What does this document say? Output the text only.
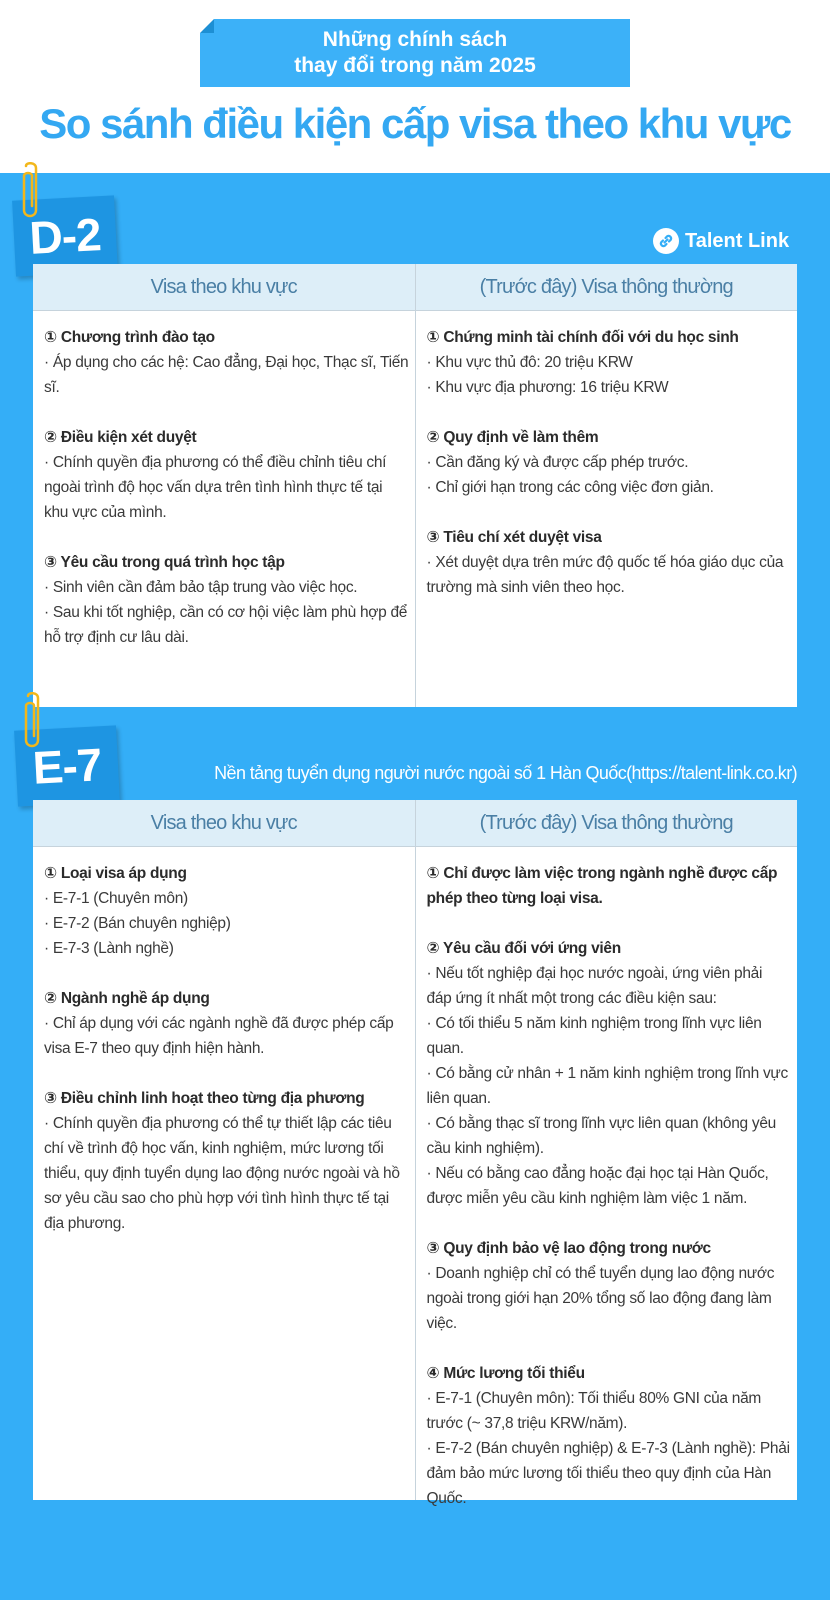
Những chính sách
thay đổi trong năm 2025
So sánh điều kiện cấp visa theo khu vực
D-2	Talent Link
Visa theo khu vực
① Chương trình đào tạo
· Áp dụng cho các hệ: Cao đẳng, Đại học, Thạc sĩ, Tiến sĩ.
② Điều kiện xét duyệt
· Chính quyền địa phương có thể điều chỉnh tiêu chí ngoài trình độ học vấn dựa trên tình hình thực tế tại khu vực của mình.
③ Yêu cầu trong quá trình học tập
· Sinh viên cần đảm bảo tập trung vào việc học.
· Sau khi tốt nghiệp, cần có cơ hội việc làm phù hợp để hỗ trợ định cư lâu dài.
(Trước đây) Visa thông thường
① Chứng minh tài chính đối với du học sinh
· Khu vực thủ đô: 20 triệu KRW
· Khu vực địa phương: 16 triệu KRW
② Quy định về làm thêm
· Cần đăng ký và được cấp phép trước.
· Chỉ giới hạn trong các công việc đơn giản.
③ Tiêu chí xét duyệt visa
· Xét duyệt dựa trên mức độ quốc tế hóa giáo dục của trường mà sinh viên theo học.
E-7	Nền tảng tuyển dụng người nước ngoài số 1 Hàn Quốc(https://talent-link.co.kr)
Visa theo khu vực
① Loại visa áp dụng
· E-7-1 (Chuyên môn)
· E-7-2 (Bán chuyên nghiệp)
· E-7-3 (Lành nghề)
② Ngành nghề áp dụng
· Chỉ áp dụng với các ngành nghề đã được phép cấp visa E-7 theo quy định hiện hành.
③ Điều chỉnh linh hoạt theo từng địa phương
· Chính quyền địa phương có thể tự thiết lập các tiêu chí về trình độ học vấn, kinh nghiệm, mức lương tối thiểu, quy định tuyển dụng lao động nước ngoài và hồ sơ yêu cầu sao cho phù hợp với tình hình thực tế tại địa phương.
(Trước đây) Visa thông thường
① Chỉ được làm việc trong ngành nghề được cấp phép theo từng loại visa.
② Yêu cầu đối với ứng viên
· Nếu tốt nghiệp đại học nước ngoài, ứng viên phải đáp ứng ít nhất một trong các điều kiện sau:
· Có tối thiểu 5 năm kinh nghiệm trong lĩnh vực liên quan.
· Có bằng cử nhân + 1 năm kinh nghiệm trong lĩnh vực liên quan.
· Có bằng thạc sĩ trong lĩnh vực liên quan (không yêu cầu kinh nghiệm).
· Nếu có bằng cao đẳng hoặc đại học tại Hàn Quốc, được miễn yêu cầu kinh nghiệm làm việc 1 năm.
③ Quy định bảo vệ lao động trong nước
· Doanh nghiệp chỉ có thể tuyển dụng lao động nước ngoài trong giới hạn 20% tổng số lao động đang làm việc.
④ Mức lương tối thiểu
· E-7-1 (Chuyên môn): Tối thiểu 80% GNI của năm trước (~ 37,8 triệu KRW/năm).
· E-7-2 (Bán chuyên nghiệp) & E-7-3 (Lành nghề): Phải đảm bảo mức lương tối thiểu theo quy định của Hàn Quốc.
